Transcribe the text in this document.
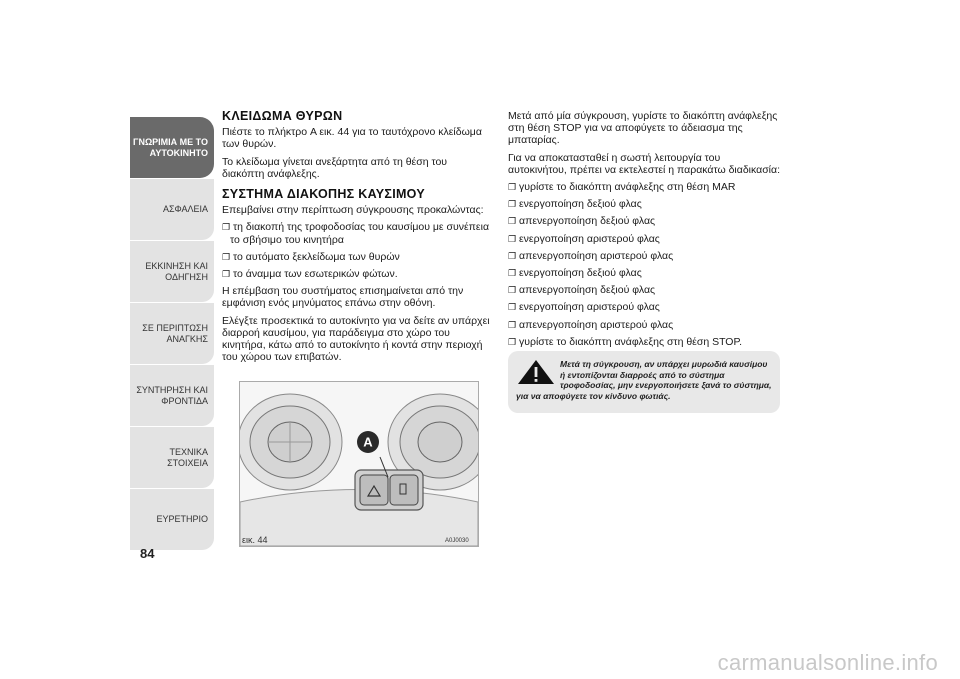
ΓΝΩΡΙΜΙΑ ΜΕ ΤΟ ΑΥΤΟΚΙΝΗΤΟ
ΑΣΦΑΛΕΙΑ
ΕΚΚΙΝΗΣΗ ΚΑΙ ΟΔΗΓΗΣΗ
ΣΕ ΠΕΡΙΠΤΩΣΗ ΑΝΑΓΚΗΣ
ΣΥΝΤΗΡΗΣΗ ΚΑΙ ΦΡΟΝΤΙΔΑ
ΤΕΧΝΙΚΑ ΣΤΟΙΧΕΙΑ
ΕΥΡΕΤΗΡΙΟ
84
ΚΛΕΙΔΩΜΑ ΘΥΡΩΝ

Πιέστε το πλήκτρο A εικ. 44 για το ταυτόχρονο κλείδωμα των θυρών.

Το κλείδωμα γίνεται ανεξάρτητα από τη θέση του διακόπτη ανάφλεξης.

ΣΥΣΤΗΜΑ ΔΙΑΚΟΠΗΣ ΚΑΥΣΙΜΟΥ

Επεμβαίνει στην περίπτωση σύγκρουσης προκαλώντας:

❐ τη διακοπή της τροφοδοσίας του καυσίμου με συνέπεια το σβήσιμο του κινητήρα
❐ το αυτόματο ξεκλείδωμα των θυρών
❐ το άναμμα των εσωτερικών φώτων.

Η επέμβαση του συστήματος επισημαίνεται από την εμφάνιση ενός μηνύματος επάνω στην οθόνη.

Ελέγξτε προσεκτικά το αυτοκίνητο για να δείτε αν υπάρχει διαρροή καυσίμου, για παράδειγμα στο χώρο του κινητήρα, κάτω από το αυτοκίνητο ή κοντά στην περιοχή του χώρου των επιβατών.

A
εικ. 44	A0J0030

Μετά από μία σύγκρουση, γυρίστε το διακόπτη ανάφλεξης στη θέση STOP για να αποφύγετε το άδειασμα της μπαταρίας.

Για να αποκατασταθεί η σωστή λειτουργία του αυτοκινήτου, πρέπει να εκτελεστεί η παρακάτω διαδικασία:

❐ γυρίστε το διακόπτη ανάφλεξης στη θέση MAR
❐ ενεργοποίηση δεξιού φλας
❐ απενεργοποίηση δεξιού φλας
❐ ενεργοποίηση αριστερού φλας
❐ απενεργοποίηση αριστερού φλας
❐ ενεργοποίηση δεξιού φλας
❐ απενεργοποίηση δεξιού φλας
❐ ενεργοποίηση αριστερού φλας
❐ απενεργοποίηση αριστερού φλας
❐ γυρίστε το διακόπτη ανάφλεξης στη θέση STOP.
Μετά τη σύγκρουση, αν υπάρχει μυρωδιά καυσίμου ή εντοπίζονται διαρροές από το σύστημα τροφοδοσίας, μην ενεργοποιήσετε ξανά το σύστημα, για να αποφύγετε τον κίνδυνο φωτιάς.
carmanualsonline.info
